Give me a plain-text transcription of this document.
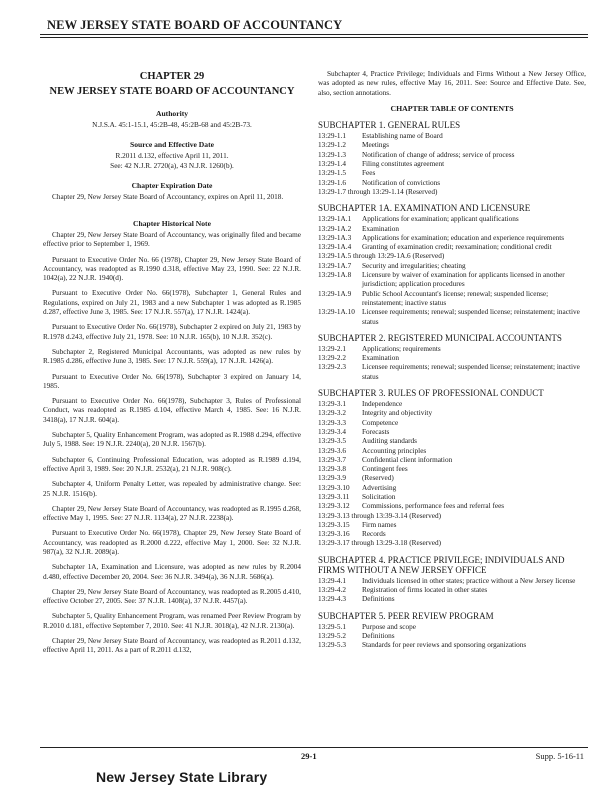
NEW JERSEY STATE BOARD OF ACCOUNTANCY
CHAPTER 29
NEW JERSEY STATE BOARD OF ACCOUNTANCY
Authority

N.J.S.A. 45:1-15.1, 45:2B-48, 45:2B-68 and 45:2B-73.

Source and Effective Date

R.2011 d.132, effective April 11, 2011.

See: 42 N.J.R. 2720(a), 43 N.J.R. 1260(b).

Chapter Expiration Date

Chapter 29, New Jersey State Board of Accountancy, expires on April 11, 2018.

Chapter Historical Note

Chapter 29, New Jersey State Board of Accountancy, was originally filed and became effective prior to September 1, 1969.

Pursuant to Executive Order No. 66 (1978), Chapter 29, New Jersey State Board of Accountancy, was readopted as R.1990 d.318, effective May 23, 1990. See: 22 N.J.R. 1042(a), 22 N.J.R. 1940(d).

Pursuant to Executive Order No. 66(1978), Subchapter 1, General Rules and Regulations, expired on July 21, 1983 and a new Subchapter 1 was adopted as R.1985 d.287, effective June 3, 1985. See: 17 N.J.R. 557(a), 17 N.J.R. 1424(a).

Pursuant to Executive Order No. 66(1978), Subchapter 2 expired on July 21, 1983 by R.1978 d.243, effective July 21, 1978. See: 10 N.J.R. 165(b), 10 N.J.R. 352(c).

Subchapter 2, Registered Municipal Accountants, was adopted as new rules by R.1985 d.286, effective June 3, 1985. See: 17 N.J.R. 559(a), 17 N.J.R. 1426(a).

Pursuant to Executive Order No. 66(1978), Subchapter 3 expired on January 14, 1985.

Pursuant to Executive Order No. 66(1978), Subchapter 3, Rules of Professional Conduct, was readopted as R.1985 d.104, effective March 4, 1985. See: 16 N.J.R. 3418(a), 17 N.J.R. 604(a).

Subchapter 5, Quality Enhancement Program, was adopted as R.1988 d.294, effective July 5, 1988. See: 19 N.J.R. 2240(a), 20 N.J.R. 1567(b).

Subchapter 6, Continuing Professional Education, was adopted as R.1989 d.194, effective April 3, 1989. See: 20 N.J.R. 2532(a), 21 N.J.R. 908(c).

Subchapter 4, Uniform Penalty Letter, was repealed by administrative change. See: 25 N.J.R. 1516(b).

Chapter 29, New Jersey State Board of Accountancy, was readopted as R.1995 d.268, effective May 1, 1995. See: 27 N.J.R. 1134(a), 27 N.J.R. 2238(a).

Pursuant to Executive Order No. 66(1978), Chapter 29, New Jersey State Board of Accountancy, was readopted as R.2000 d.222, effective May 1, 2000. See: 32 N.J.R. 987(a), 32 N.J.R. 2089(a).

Subchapter 1A, Examination and Licensure, was adopted as new rules by R.2004 d.480, effective December 20, 2004. See: 36 N.J.R. 3494(a), 36 N.J.R. 5686(a).

Chapter 29, New Jersey State Board of Accountancy, was readopted as R.2005 d.410, effective October 27, 2005. See: 37 N.J.R. 1408(a), 37 N.J.R. 4457(a).

Subchapter 5, Quality Enhancement Program, was renamed Peer Review Program by R.2010 d.181, effective September 7, 2010. See: 41 N.J.R. 3018(a), 42 N.J.R. 2130(a).

Chapter 29, New Jersey State Board of Accountancy, was readopted as R.2011 d.132, effective April 11, 2011. As a part of R.2011 d.132,

Subchapter 4, Practice Privilege; Individuals and Firms Without a New Jersey Office, was adopted as new rules, effective May 16, 2011. See: Source and Effective Date. See, also, section annotations.

CHAPTER TABLE OF CONTENTS
SUBCHAPTER 1. GENERAL RULES
13:29-1.1	Establishing name of Board
13:29-1.2	Meetings
13:29-1.3	Notification of change of address; service of process
13:29-1.4	Filing constitutes agreement
13:29-1.5	Fees
13:29-1.6	Notification of convictions
13:29-1.7 through 13:29-1.14 (Reserved)
SUBCHAPTER 1A. EXAMINATION AND LICENSURE
13:29-1A.1	Applications for examination; applicant qualifications
13:29-1A.2	Examination
13:29-1A.3	Applications for examination; education and experience requirements
13:29-1A.4	Granting of examination credit; reexamination; conditional credit
13:29-1A.5 through 13:29-1A.6 (Reserved)
13:29-1A.7	Security and irregularities; cheating
13:29-1A.8	Licensure by waiver of examination for applicants licensed in another jurisdiction; application procedures
13:29-1A.9	Public School Accountant's license; renewal; suspended license; reinstatement; inactive status
13:29-1A.10 Licensee requirements; renewal; suspended license; reinstatement; inactive status
SUBCHAPTER 2. REGISTERED MUNICIPAL ACCOUNTANTS
13:29-2.1	Applications; requirements
13:29-2.2	Examination
13:29-2.3	Licensee requirements; renewal; suspended license; reinstatement; inactive status
SUBCHAPTER 3. RULES OF PROFESSIONAL CONDUCT
13:29-3.1	Independence
13:29-3.2	Integrity and objectivity
13:29-3.3	Competence
13:29-3.4	Forecasts
13:29-3.5	Auditing standards
13:29-3.6	Accounting principles
13:29-3.7	Confidential client information
13:29-3.8	Contingent fees
13:29-3.9	(Reserved)
13:29-3.10	Advertising
13:29-3.11	Solicitation
13:29-3.12	Commissions, performance fees and referral fees
13:29-3.13 through 13:39-3.14 (Reserved)
13:29-3.15	Firm names
13:29-3.16	Records
13:29-3.17 through 13:29-3.18 (Reserved)
SUBCHAPTER 4. PRACTICE PRIVILEGE; INDIVIDUALS AND FIRMS WITHOUT A NEW JERSEY OFFICE
13:29-4.1	Individuals licensed in other states; practice without a New Jersey license
13:29-4.2	Registration of firms located in other states
13:29-4.3	Definitions
SUBCHAPTER 5. PEER REVIEW PROGRAM
13:29-5.1	Purpose and scope
13:29-5.2	Definitions
13:29-5.3	Standards for peer reviews and sponsoring organizations
29-1	Supp. 5-16-11
New Jersey State Library
